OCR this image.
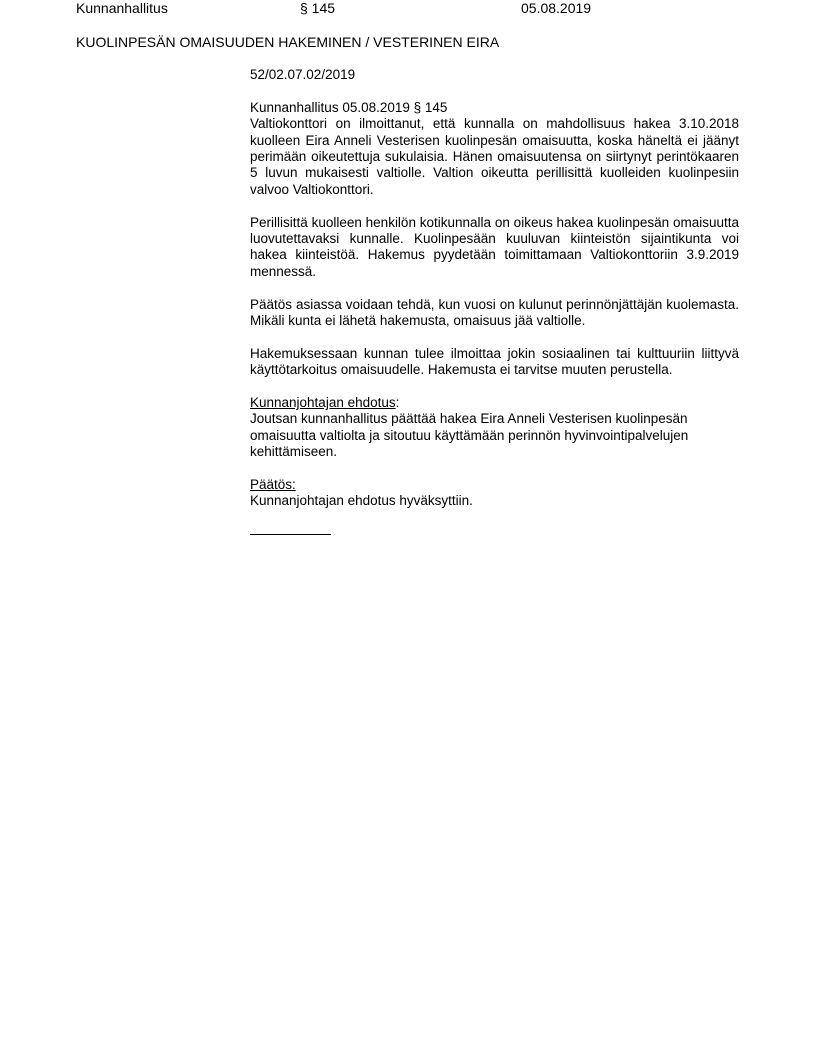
Kunnanhallitus	§ 145	05.08.2019
KUOLINPESÄN OMAISUUDEN HAKEMINEN / VESTERINEN EIRA

52/02.07.02/2019

Kunnanhallitus 05.08.2019 § 145

Valtiokonttori on ilmoittanut, että kunnalla on mahdollisuus hakea 3.10.2018 kuolleen Eira Anneli Vesterisen kuolinpesän omaisuutta, koska häneltä ei jäänyt perimään oikeutettuja sukulaisia. Hänen omaisuutensa on siirtynyt perintökaaren 5 luvun mukaisesti valtiolle. Valtion oikeutta perillisittä kuolleiden kuolinpesiin valvoo Valtiokonttori.

Perillisittä kuolleen henkilön kotikunnalla on oikeus hakea kuolinpesän omaisuutta luovutettavaksi kunnalle. Kuolinpesään kuuluvan kiinteistön sijaintikunta voi hakea kiinteistöä. Hakemus pyydetään toimittamaan Valtiokonttoriin 3.9.2019 mennessä.

Päätös asiassa voidaan tehdä, kun vuosi on kulunut perinnönjättäjän kuolemasta. Mikäli kunta ei lähetä hakemusta, omaisuus jää valtiolle.

Hakemuksessaan kunnan tulee ilmoittaa jokin sosiaalinen tai kulttuuriin liittyvä käyttötarkoitus omaisuudelle. Hakemusta ei tarvitse muuten perustella.

Kunnanjohtajan ehdotus:

Joutsan kunnanhallitus päättää hakea Eira Anneli Vesterisen kuolinpesän

omaisuutta valtiolta ja sitoutuu käyttämään perinnön hyvinvointipalvelujen

kehittämiseen.

Päätös:

Kunnanjohtajan ehdotus hyväksyttiin.
